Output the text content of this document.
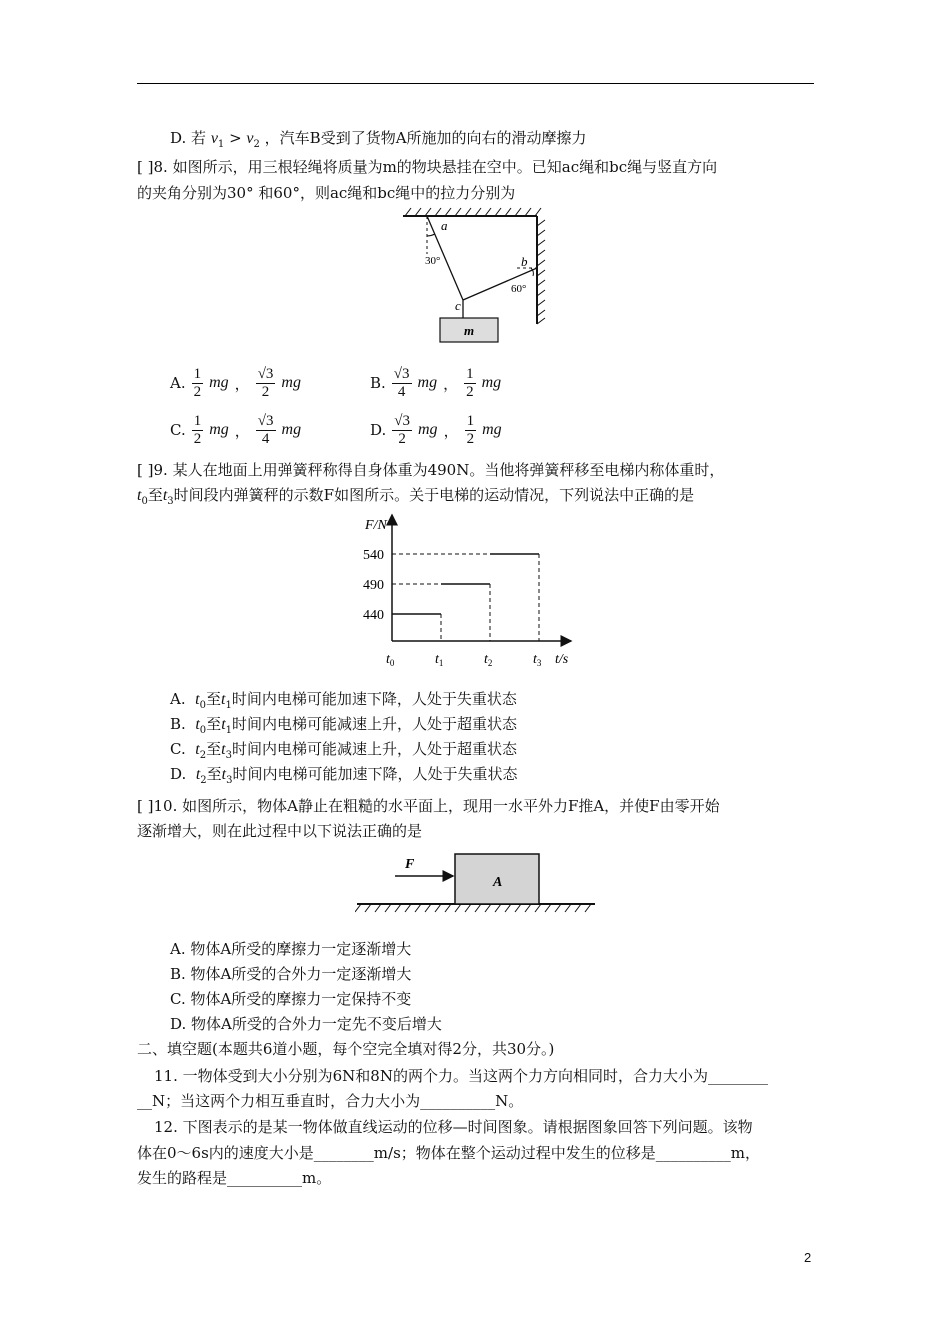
D. 若 $v_1 > v_2$ ，汽车B受到了货物A所施加的向右的滑动摩擦力
[ ]8. 如图所示，用三根轻绳将质量为m的物块悬挂在空中。已知ac绳和bc绳与竖直方向
的夹角分别为30° 和60°，则ac绳和bc绳中的拉力分别为
m
a
b
c
30°
60°
A. $\frac{1}{2}$ mg ， $\frac{√3}{2}$ mg	B. $\frac{√3}{4}$ mg ， $\frac{1}{2}$ mg
C. $\frac{1}{2}$ mg ， $\frac{√3}{4}$ mg	D. $\frac{√3}{2}$ mg ， $\frac{1}{2}$ mg
[ ]9. 某人在地面上用弹簧秤称得自身体重为490N。当他将弹簧秤移至电梯内称体重时，
$t_0$至$t_3$时间段内弹簧秤的示数F如图所示。关于电梯的运动情况，下列说法中正确的是
F/N
t/s
440
490
540
$t_0$	$t_1$	$t_2$	$t_3$
A. $t_0$至$t_1$时间内电梯可能加速下降，人处于失重状态
B. $t_0$至$t_1$时间内电梯可能减速上升，人处于超重状态
C. $t_2$至$t_3$时间内电梯可能减速上升，人处于超重状态
D. $t_2$至$t_3$时间内电梯可能加速下降，人处于失重状态
[ ]10. 如图所示，物体A静止在粗糙的水平面上，现用一水平外力F推A，并使F由零开始
逐渐增大，则在此过程中以下说法正确的是
A
F
A. 物体A所受的摩擦力一定逐渐增大
B. 物体A所受的合外力一定逐渐增大
C. 物体A所受的摩擦力一定保持不变
D. 物体A所受的合外力一定先不变后增大
二、填空题(本题共6道小题，每个空完全填对得2分，共30分。)
11. 一物体受到大小分别为6N和8N的两个力。当这两个力方向相同时，合力大小为________
__N；当这两个力相互垂直时，合力大小为__________N。
12. 下图表示的是某一物体做直线运动的位移—时间图象。请根据图象回答下列问题。该物
体在0～6s内的速度大小是________m/s；物体在整个运动过程中发生的位移是__________m，
发生的路程是__________m。
2
